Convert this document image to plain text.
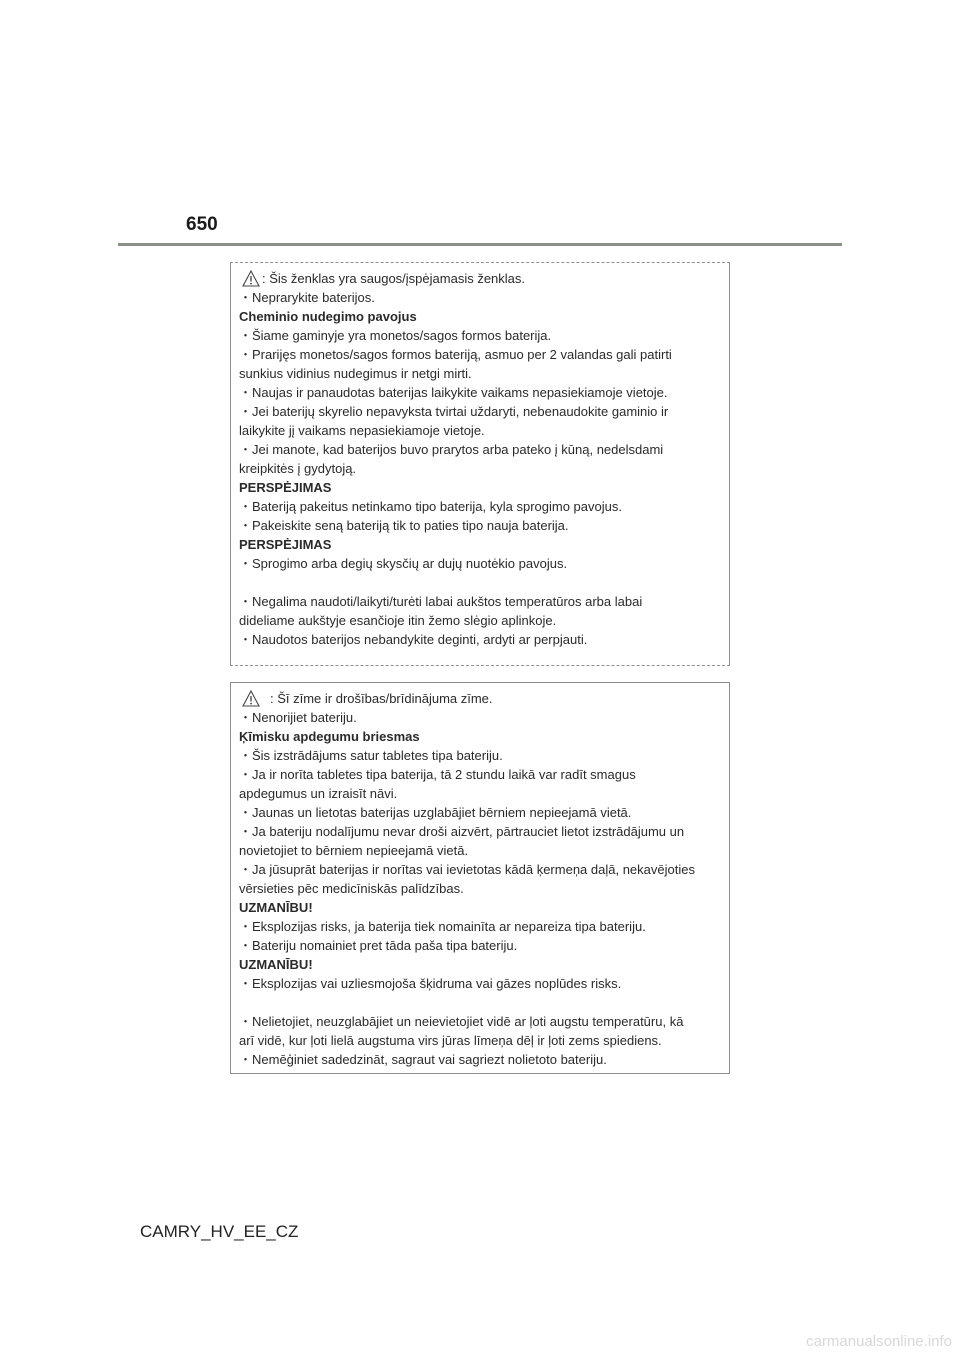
650
: Šis ženklas yra saugos/įspėjamasis ženklas.
・Neprarykite baterijos.
Cheminio nudegimo pavojus
・Šiame gaminyje yra monetos/sagos formos baterija.
・Prarijęs monetos/sagos formos bateriją, asmuo per 2 valandas gali patirti
sunkius vidinius nudegimus ir netgi mirti.
・Naujas ir panaudotas baterijas laikykite vaikams nepasiekiamoje vietoje.
・Jei baterijų skyrelio nepavyksta tvirtai uždaryti, nebenaudokite gaminio ir
laikykite jį vaikams nepasiekiamoje vietoje.
・Jei manote, kad baterijos buvo prarytos arba pateko į kūną, nedelsdami
kreipkitės į gydytoją.
PERSPĖJIMAS
・Bateriją pakeitus netinkamo tipo baterija, kyla sprogimo pavojus.
・Pakeiskite seną bateriją tik to paties tipo nauja baterija.
PERSPĖJIMAS
・Sprogimo arba degių skysčių ar dujų nuotėkio pavojus.
・Negalima naudoti/laikyti/turėti labai aukštos temperatūros arba labai
dideliame aukštyje esančioje itin žemo slėgio aplinkoje.
・Naudotos baterijos nebandykite deginti, ardyti ar perpjauti.
: Šī zīme ir drošības/brīdinājuma zīme.
・Nenorijiet bateriju.
Ķīmisku apdegumu briesmas
・Šis izstrādājums satur tabletes tipa bateriju.
・Ja ir norīta tabletes tipa baterija, tā 2 stundu laikā var radīt smagus
apdegumus un izraisīt nāvi.
・Jaunas un lietotas baterijas uzglabājiet bērniem nepieejamā vietā.
・Ja bateriju nodalījumu nevar droši aizvērt, pārtrauciet lietot izstrādājumu un
novietojiet to bērniem nepieejamā vietā.
・Ja jūsuprāt baterijas ir norītas vai ievietotas kādā ķermeņa daļā, nekavējoties
vērsieties pēc medicīniskās palīdzības.
UZMANĪBU!
・Eksplozijas risks, ja baterija tiek nomainīta ar nepareiza tipa bateriju.
・Bateriju nomainiet pret tāda paša tipa bateriju.
UZMANĪBU!
・Eksplozijas vai uzliesmojoša šķidruma vai gāzes noplūdes risks.
・Nelietojiet, neuzglabājiet un neievietojiet vidē ar ļoti augstu temperatūru, kā
arī vidē, kur ļoti lielā augstuma virs jūras līmeņa dēļ ir ļoti zems spiediens.
・Nemēģiniet sadedzināt, sagraut vai sagriezt nolietoto bateriju.
CAMRY_HV_EE_CZ
carmanualsonline.info
